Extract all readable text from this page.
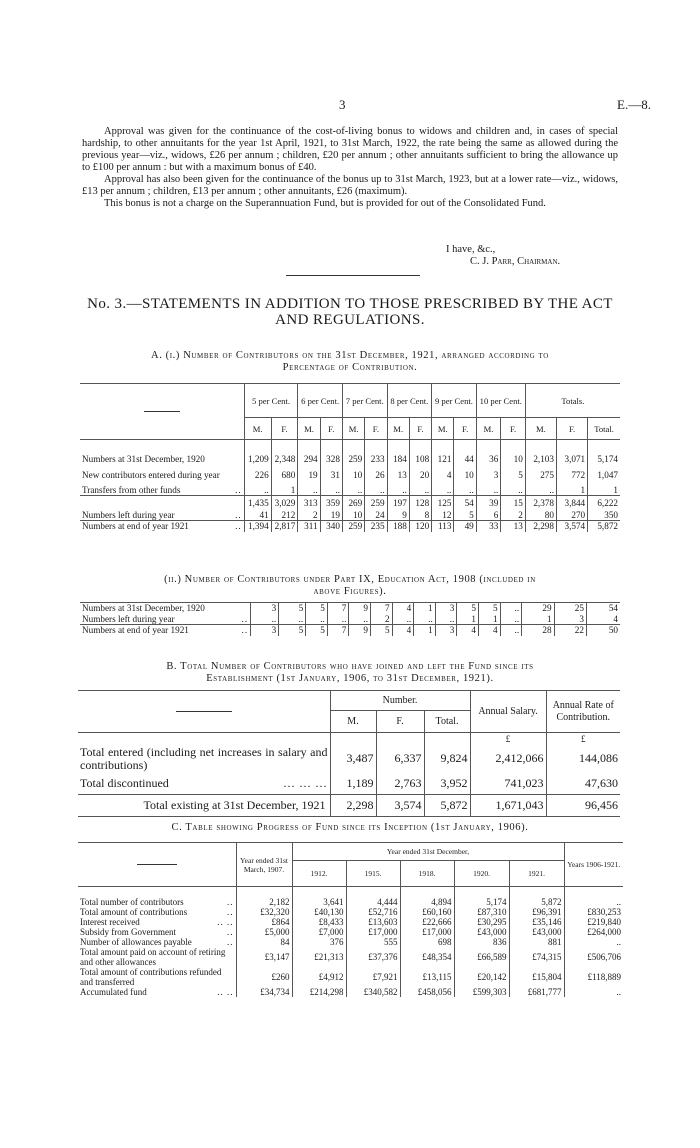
3	E.—8.

Approval was given for the continuance of the cost-of-living bonus to widows and children and, in cases of special hardship, to other annuitants for the year 1st April, 1921, to 31st March, 1922, the rate being the same as allowed during the previous year—viz., widows, £26 per annum ; children, £20 per annum ; other annuitants sufficient to bring the allowance up to £100 per annum : but with a maximum bonus of £40.

Approval has also been given for the continuance of the bonus up to 31st March, 1923, but at a lower rate—viz., widows, £13 per annum ; children, £13 per annum ; other annuitants, £26 (maximum).

This bonus is not a charge on the Superannuation Fund, but is provided for out of the Consolidated Fund.

I have, &c.,
C. J. Parr, Chairman.
No. 3.—STATEMENTS IN ADDITION TO THOSE PRESCRIBED BY THE ACT AND REGULATIONS.
A. (i.) Number of Contributors on the 31st December, 1921, arranged according to
Percentage of Contribution.
	5 per Cent.		6 per Cent.		7 per Cent.		8 per Cent.		9 per Cent.		10 per Cent.		Totals.		
	M.	F.	M.	F.	M.	F.	M.	F.	M.	F.	M.	F.	M.	F.	Total.

Numbers at 31st December, 1920	1,209	2,348	294	328	259	233	184	108	121	44	36	10	2,103	3,071	5,174
New contributors entered during year	226	680	19	31	10	26	13	20	4	10	3	5	275	772	1,047
Transfers from other funds ..	..	1	..	..	..	..	..	..	..	..	..	..	..	1	1
	1,435	3,029	313	359	269	259	197	128	125	54	39	15	2,378	3,844	6,222
Numbers left during year ..	41	212	2	19	10	24	9	8	12	5	6	2	80	270	350
Numbers at end of year 1921 ..	1,394	2,817	311	340	259	235	188	120	113	49	33	13	2,298	3,574	5,872
(ii.) Number of Contributors under Part IX, Education Act, 1908 (included in
above Figures).
Numbers at 31st December, 1920	3	5	5	7	9	7	4	1	3	5	5	..	29	25	54
Numbers left during year ..	..	..	..	..	..	2	..	..	..	1	1	..	1	3	4
Numbers at end of year 1921 ..	3	5	5	7	9	5	4	1	3	4	4	..	28	22	50
B. Total Number of Contributors who have joined and left the Fund since its
Establishment (1st January, 1906, to 31st December, 1921).
	Number.			Annual Salary.	Annual Rate of Contribution.
	M.	F.	Total.		
				£	£
Total entered (including net increases in salary and contributions)	3,487	6,337	9,824	2,412,066	144,086
Total discontinued ... ... ...	1,189	2,763	3,952	741,023	47,630
Total existing at 31st December, 1921	2,298	3,574	5,872	1,671,043	96,456
C. Table showing Progress of Fund since its Inception (1st January, 1906).
	Year ended 31st March, 1907.	Year ended 31st December,					Years 1906-1921.
		1912.	1915.	1918.	1920.	1921.	

Total number of contributors ..	2,182	3,641	4,444	4,894	5,174	5,872	..
Total amount of contributions ..	£32,320	£40,130	£52,716	£60,160	£87,310	£96,391	£830,253
Interest received .. ..	£864	£8,433	£13,603	£22,666	£30,295	£35,146	£219,840
Subsidy from Government ..	£5,000	£7,000	£17,000	£17,000	£43,000	£43,000	£264,000
Number of allowances payable ..	84	376	555	698	836	881	..
Total amount paid on account of retiring and other allowances	£3,147	£21,313	£37,376	£48,354	£66,589	£74,315	£506,706
Total amount of contributions refunded and transferred	£260	£4,912	£7,921	£13,115	£20,142	£15,804	£118,889
Accumulated fund .. ..	£34,734	£214,298	£340,582	£458,056	£599,303	£681,777	..
